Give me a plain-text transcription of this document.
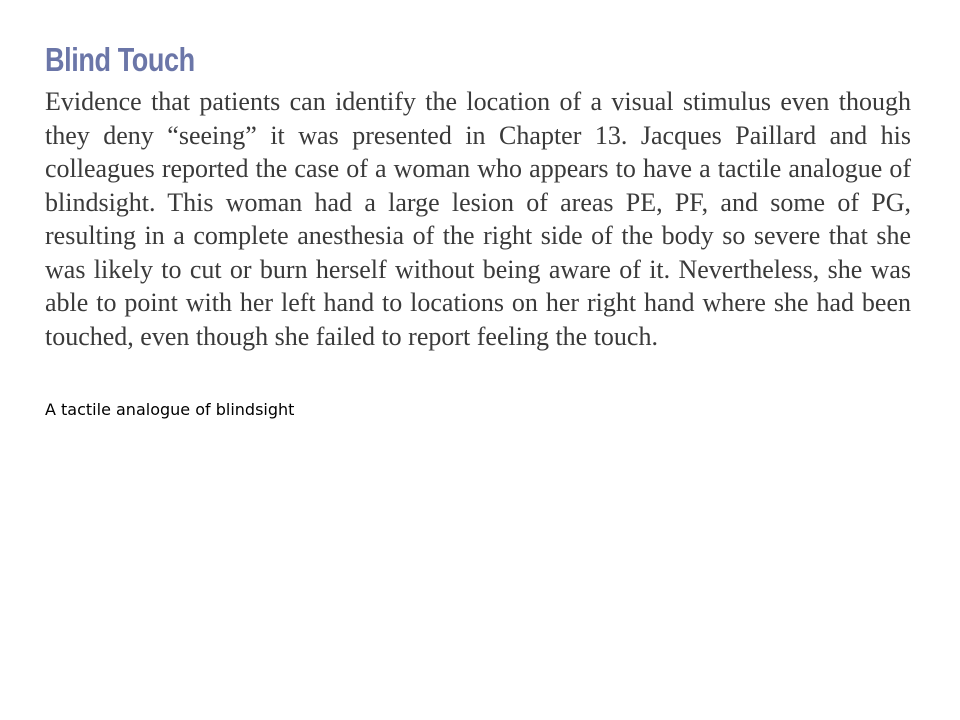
Blind Touch

Evidence that patients can identify the location of a visual stimulus even though they deny “seeing” it was presented in Chapter 13. Jacques Paillard and his colleagues reported the case of a woman who appears to have a tactile analogue of blindsight. This woman had a large lesion of areas PE, PF, and some of PG, resulting in a complete anesthesia of the right side of the body so severe that she was likely to cut or burn herself without being aware of it. Nevertheless, she was able to point with her left hand to locations on her right hand where she had been touched, even though she failed to report feeling the touch.

A tactile analogue of blindsight
